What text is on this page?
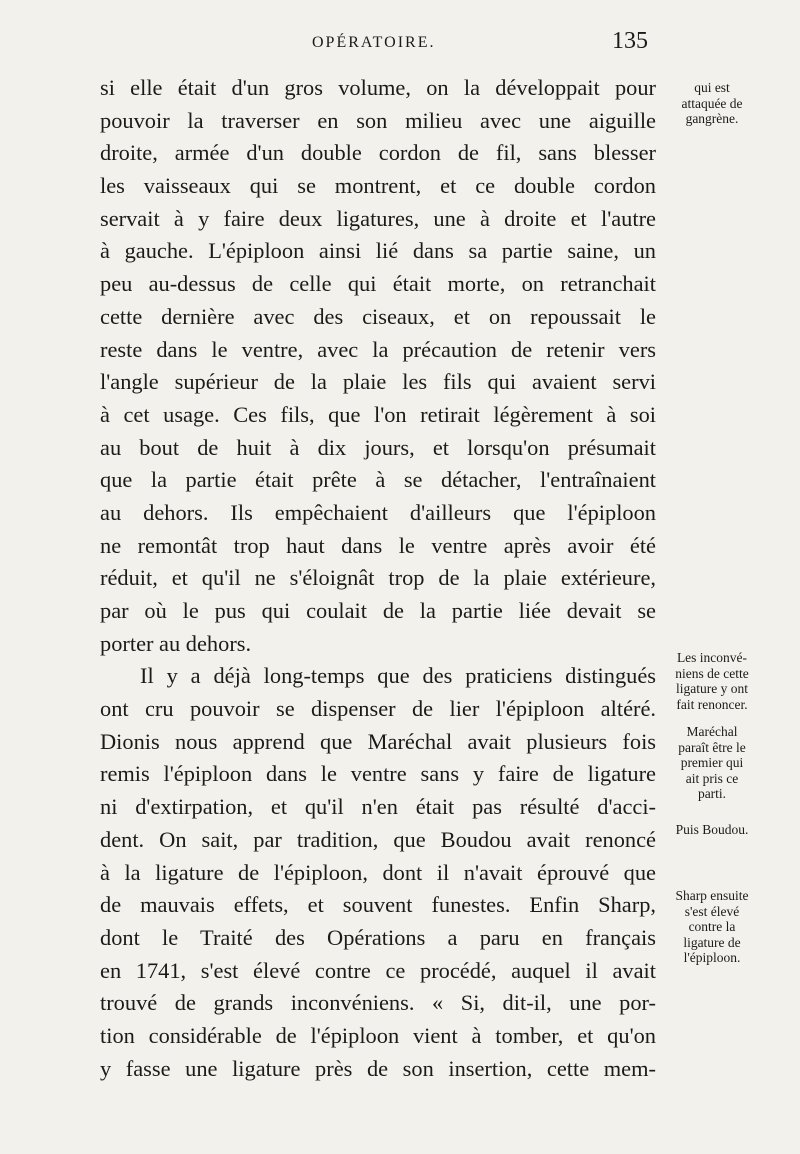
OPÉRATOIRE.	135
si elle était d'un gros volume, on la développait pour
pouvoir la traverser en son milieu avec une aiguille
droite, armée d'un double cordon de fil, sans blesser
les vaisseaux qui se montrent, et ce double cordon
servait à y faire deux ligatures, une à droite et l'autre
à gauche. L'épiploon ainsi lié dans sa partie saine, un
peu au-dessus de celle qui était morte, on retranchait
cette dernière avec des ciseaux, et on repoussait le
reste dans le ventre, avec la précaution de retenir vers
l'angle supérieur de la plaie les fils qui avaient servi
à cet usage. Ces fils, que l'on retirait légèrement à soi
au bout de huit à dix jours, et lorsqu'on présumait
que la partie était prête à se détacher, l'entraînaient
au dehors. Ils empêchaient d'ailleurs que l'épiploon
ne remontât trop haut dans le ventre après avoir été
réduit, et qu'il ne s'éloignât trop de la plaie extérieure,
par où le pus qui coulait de la partie liée devait se
porter au dehors.
Il y a déjà long-temps que des praticiens distingués
ont cru pouvoir se dispenser de lier l'épiploon altéré.
Dionis nous apprend que Maréchal avait plusieurs fois
remis l'épiploon dans le ventre sans y faire de ligature
ni d'extirpation, et qu'il n'en était pas résulté d'acci-
dent. On sait, par tradition, que Boudou avait renoncé
à la ligature de l'épiploon, dont il n'avait éprouvé que
de mauvais effets, et souvent funestes. Enfin Sharp,
dont le Traité des Opérations a paru en français
en 1741, s'est élevé contre ce procédé, auquel il avait
trouvé de grands inconvéniens. « Si, dit-il, une por-
tion considérable de l'épiploon vient à tomber, et qu'on
y fasse une ligature près de son insertion, cette mem-
qui est
attaquée de
gangrène.
Les inconvé-
niens de cette
ligature y ont
fait renoncer.
Maréchal
paraît être le
premier qui
ait pris ce
parti.
Puis Boudou.
Sharp ensuite
s'est élevé
contre la
ligature de
l'épiploon.
